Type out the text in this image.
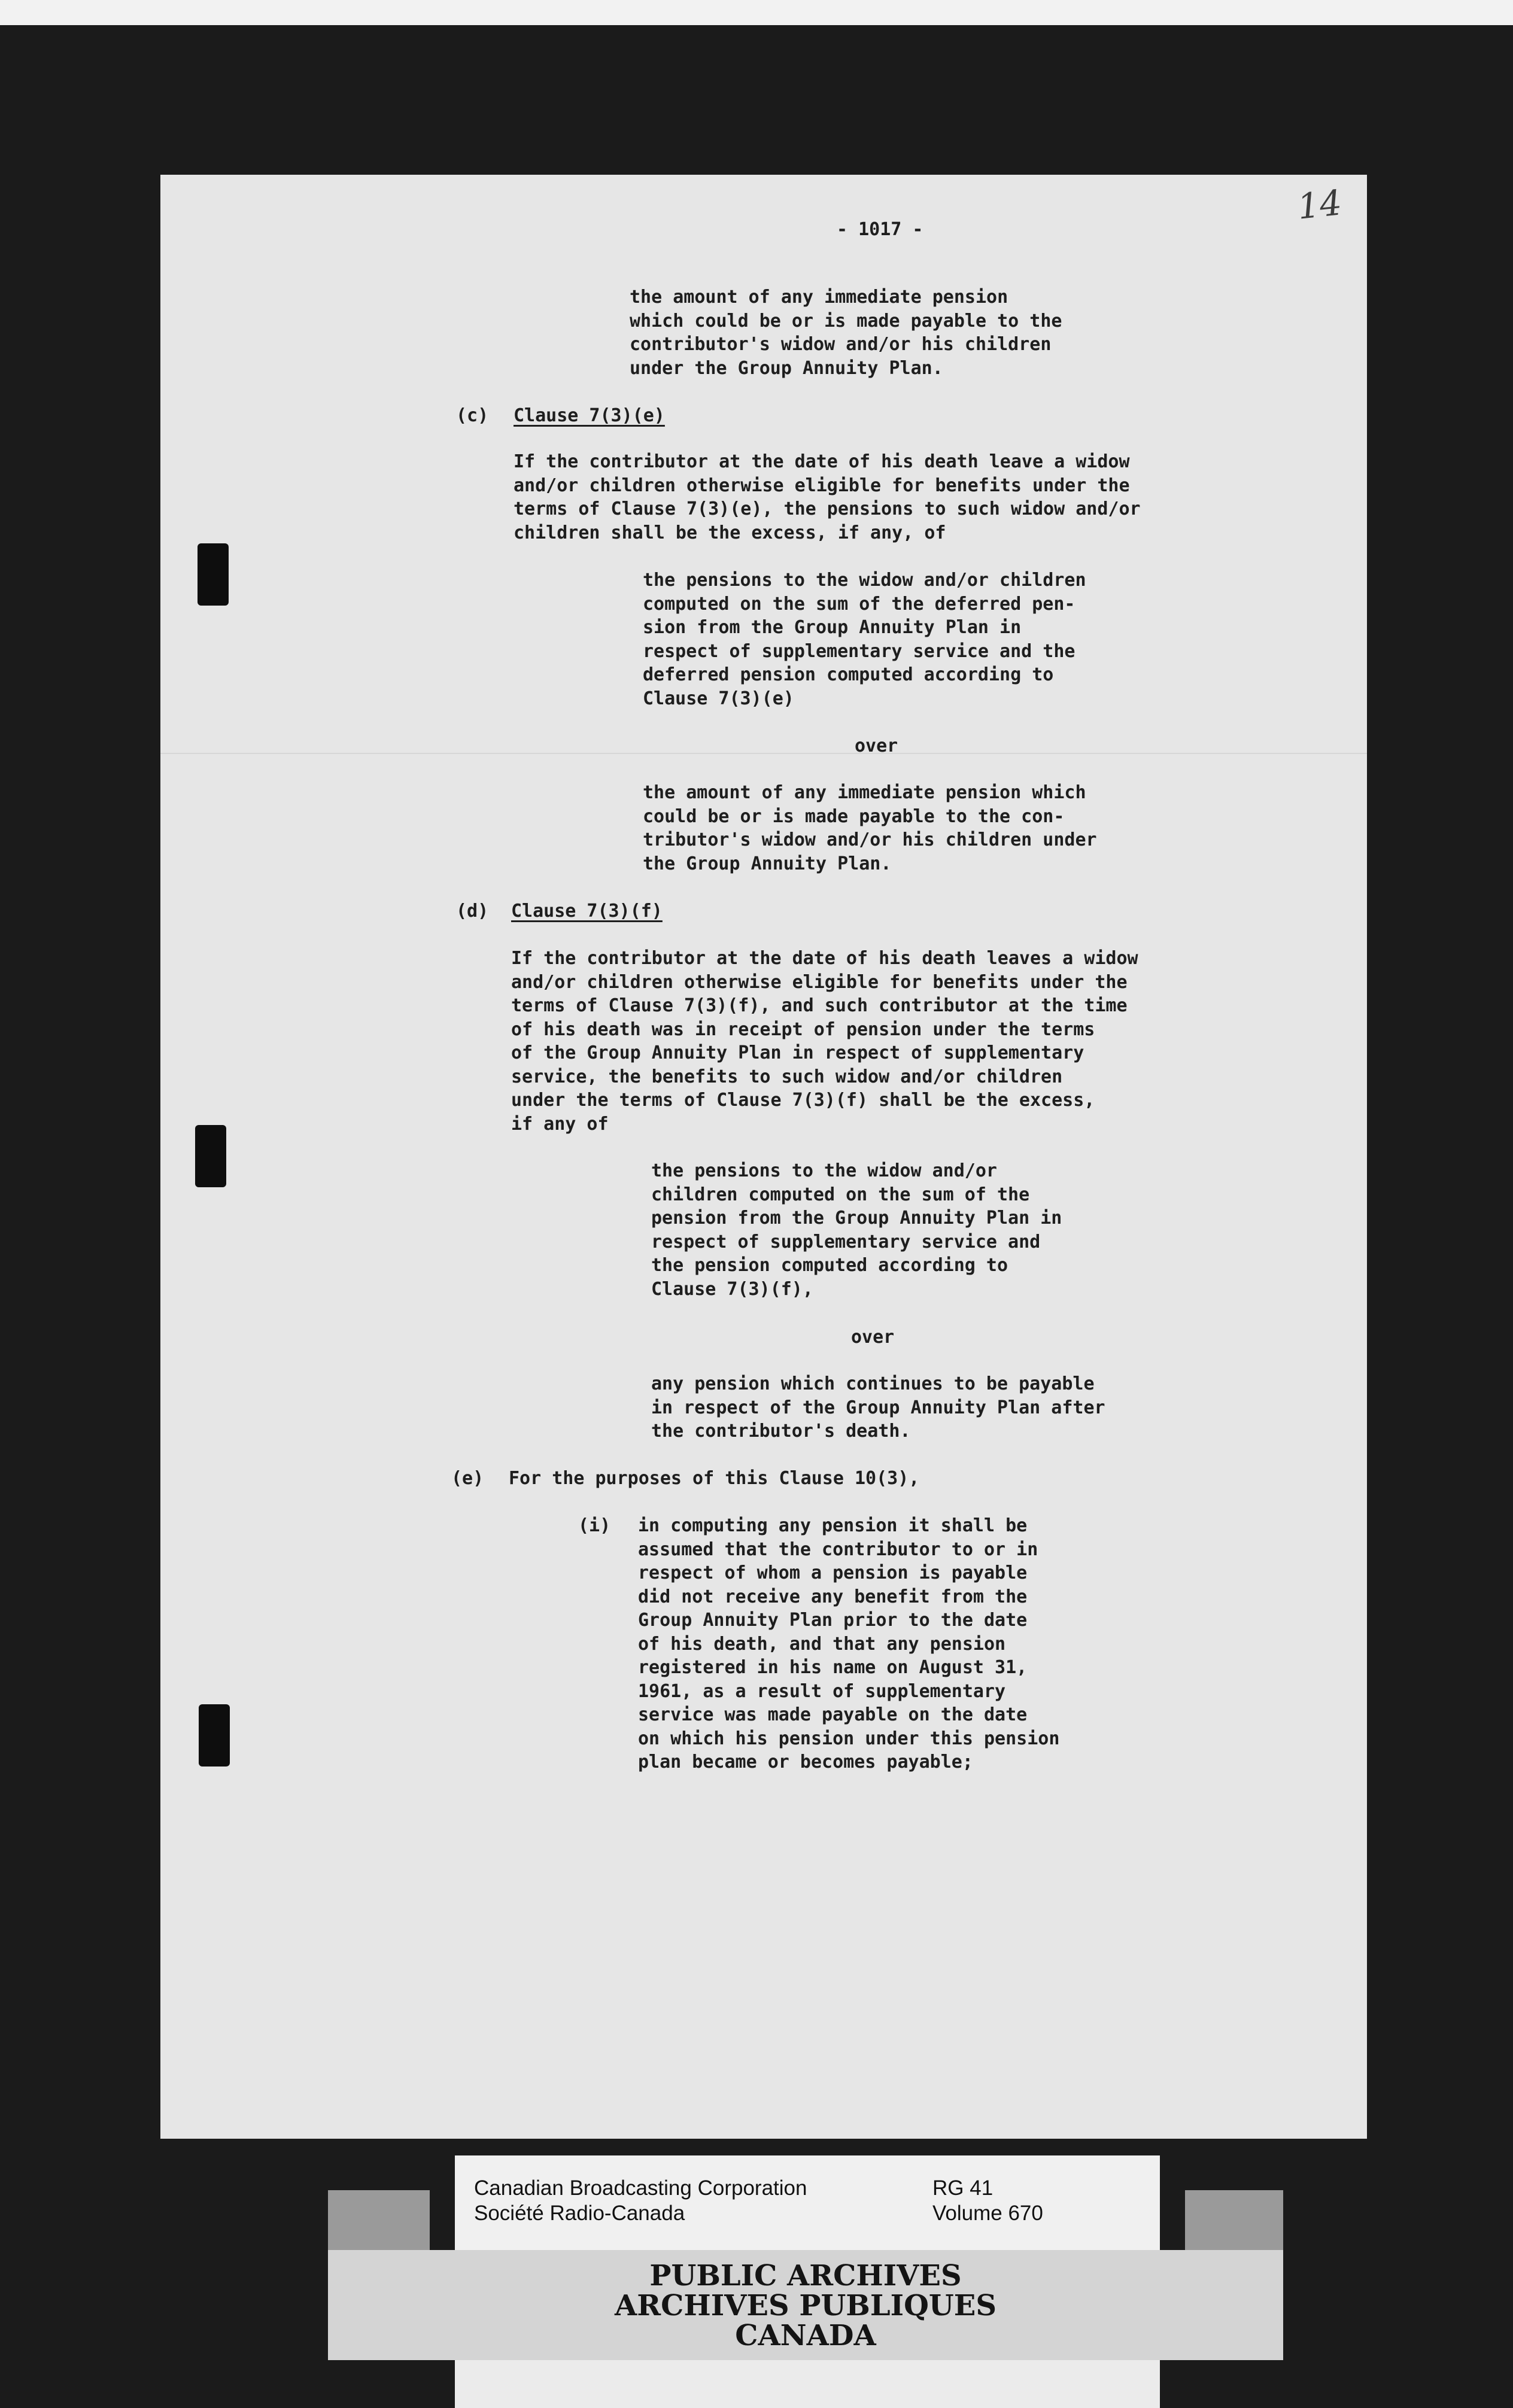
14

- 1017 -

the amount of any immediate pension
which could be or is made payable to the
contributor's widow and/or his children
under the Group Annuity Plan.

(c) Clause 7(3)(e)

If the contributor at the date of his death leave a widow
and/or children otherwise eligible for benefits under the
terms of Clause 7(3)(e), the pensions to such widow and/or
children shall be the excess, if any, of

the pensions to the widow and/or children
computed on the sum of the deferred pen-
sion from the Group Annuity Plan in
respect of supplementary service and the
deferred pension computed according to
Clause 7(3)(e)

over

the amount of any immediate pension which
could be or is made payable to the con-
tributor's widow and/or his children under
the Group Annuity Plan.

(d) Clause 7(3)(f)

If the contributor at the date of his death leaves a widow
and/or children otherwise eligible for benefits under the
terms of Clause 7(3)(f), and such contributor at the time
of his death was in receipt of pension under the terms
of the Group Annuity Plan in respect of supplementary
service, the benefits to such widow and/or children
under the terms of Clause 7(3)(f) shall be the excess,
if any of

the pensions to the widow and/or
children computed on the sum of the
pension from the Group Annuity Plan in
respect of supplementary service and
the pension computed according to
Clause 7(3)(f),

over

any pension which continues to be payable
in respect of the Group Annuity Plan after
the contributor's death.

(e) For the purposes of this Clause 10(3),

(i) in computing any pension it shall be
assumed that the contributor to or in
respect of whom a pension is payable
did not receive any benefit from the
Group Annuity Plan prior to the date
of his death, and that any pension
registered in his name on August 31,
1961, as a result of supplementary
service was made payable on the date
on which his pension under this pension
plan became or becomes payable;

Canadian Broadcasting Corporation

Société Radio-Canada

RG 41

Volume 670

PUBLIC ARCHIVES
ARCHIVES PUBLIQUES
CANADA
